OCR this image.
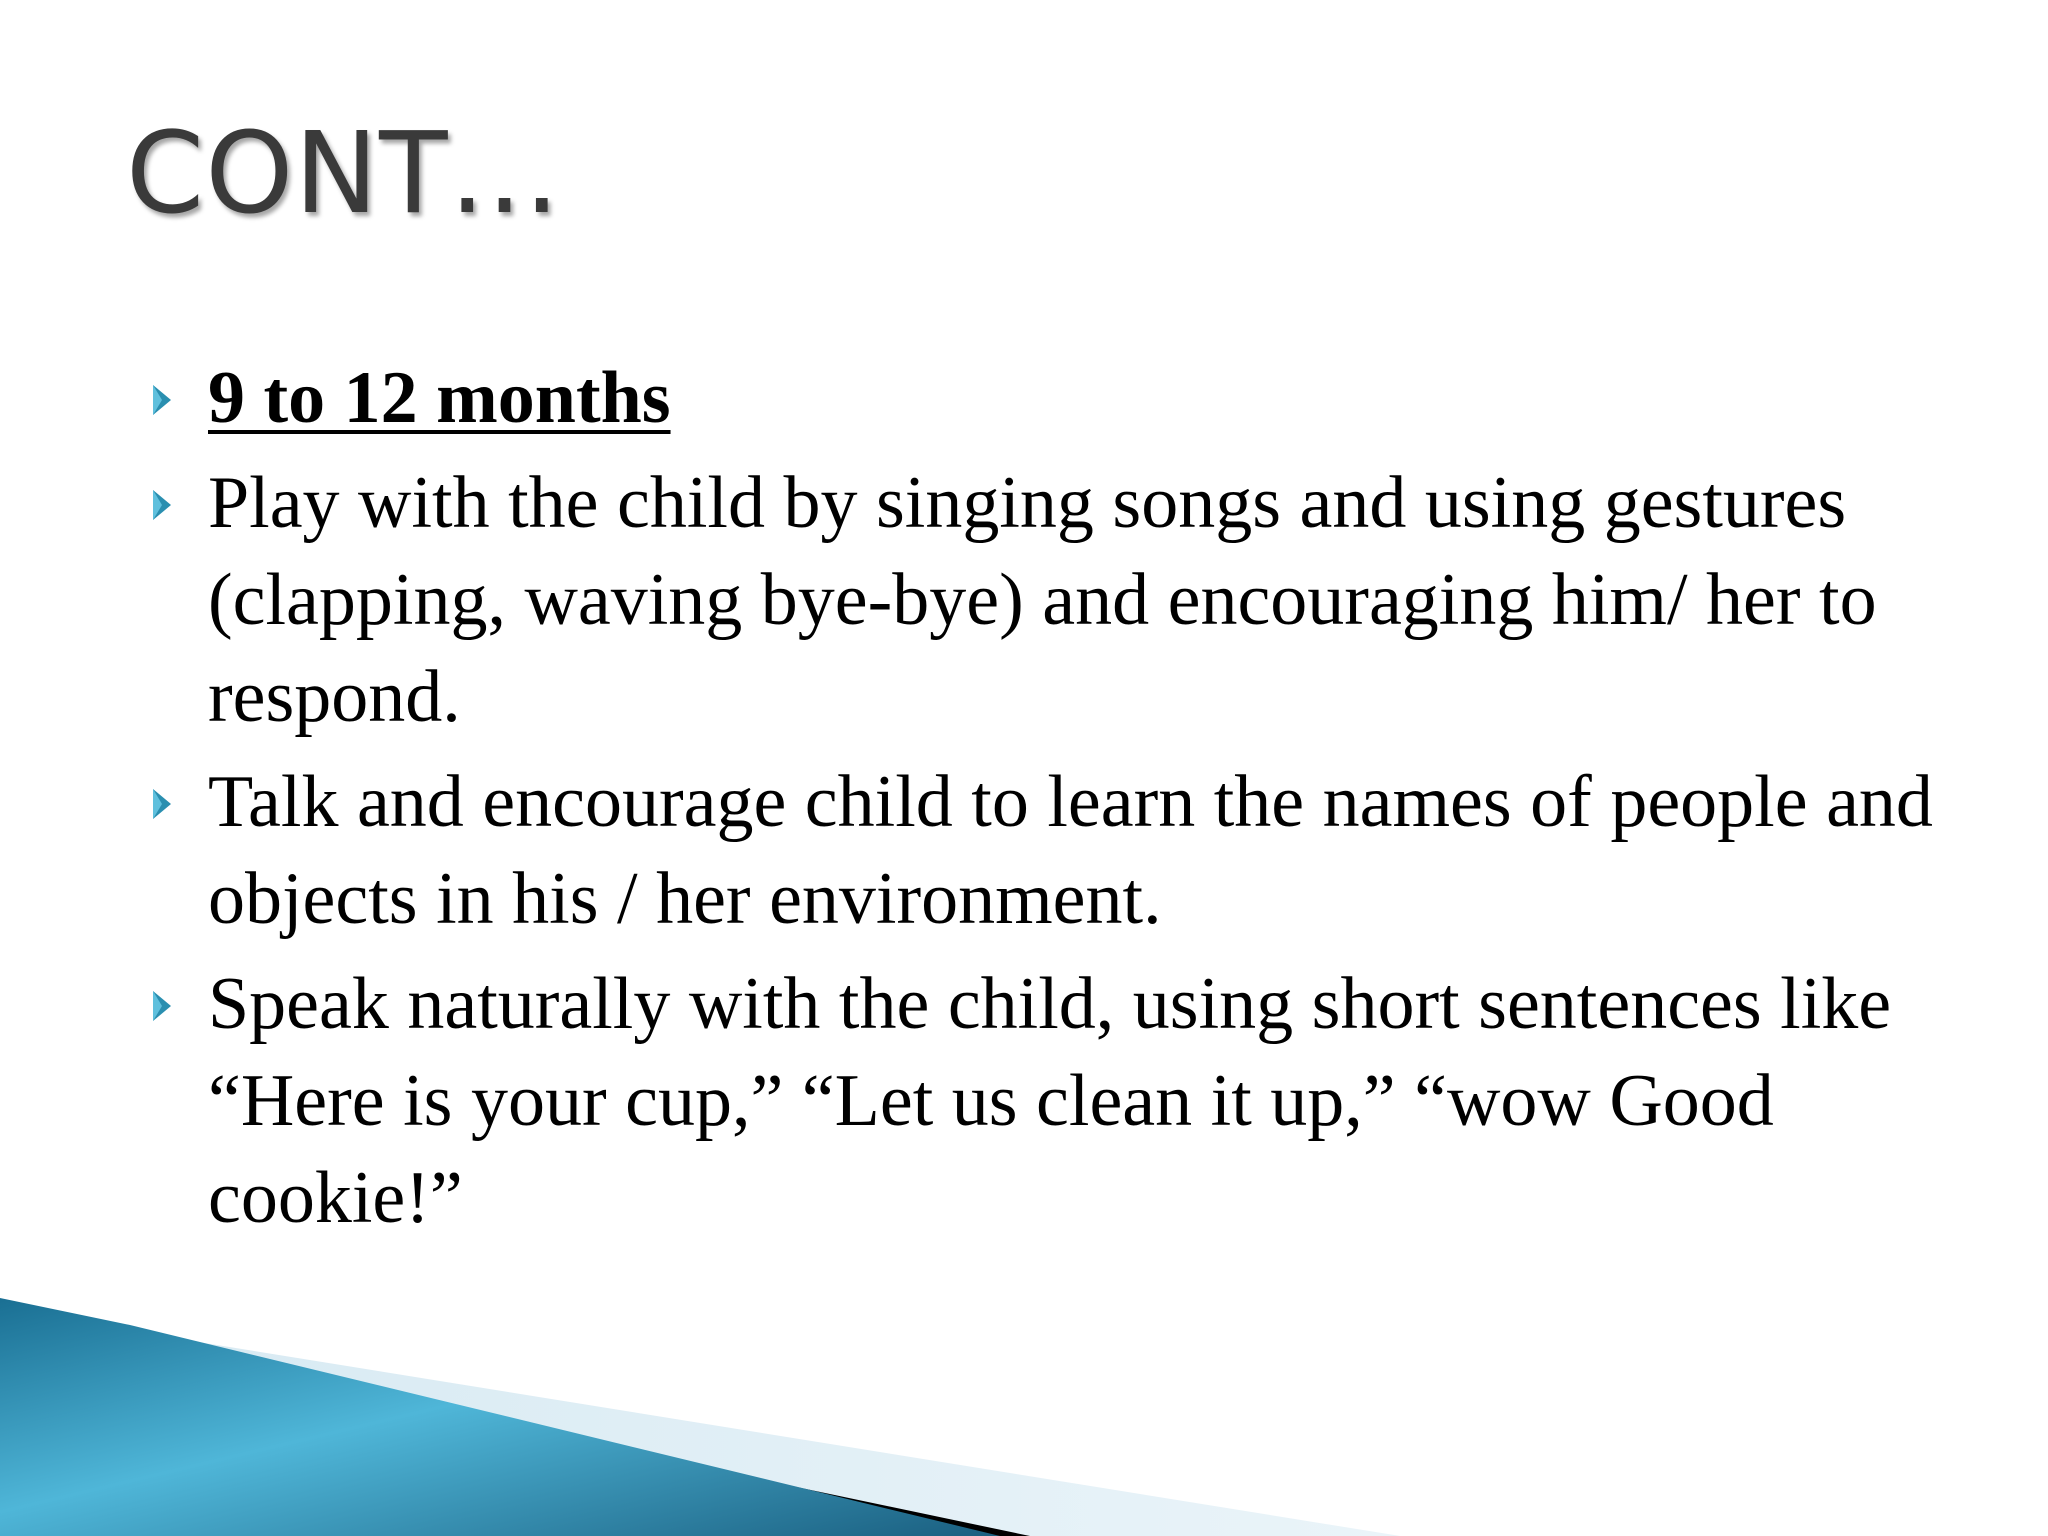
CONT…
9 to 12 months
Play with the child by singing songs and using gestures (clapping, waving bye-bye) and encouraging him/ her to respond.
Talk and encourage child to learn the names of people and objects in his / her environment.
Speak naturally with the child, using short sentences like “Here is your cup,” “Let us clean it up,” “wow Good cookie!”
